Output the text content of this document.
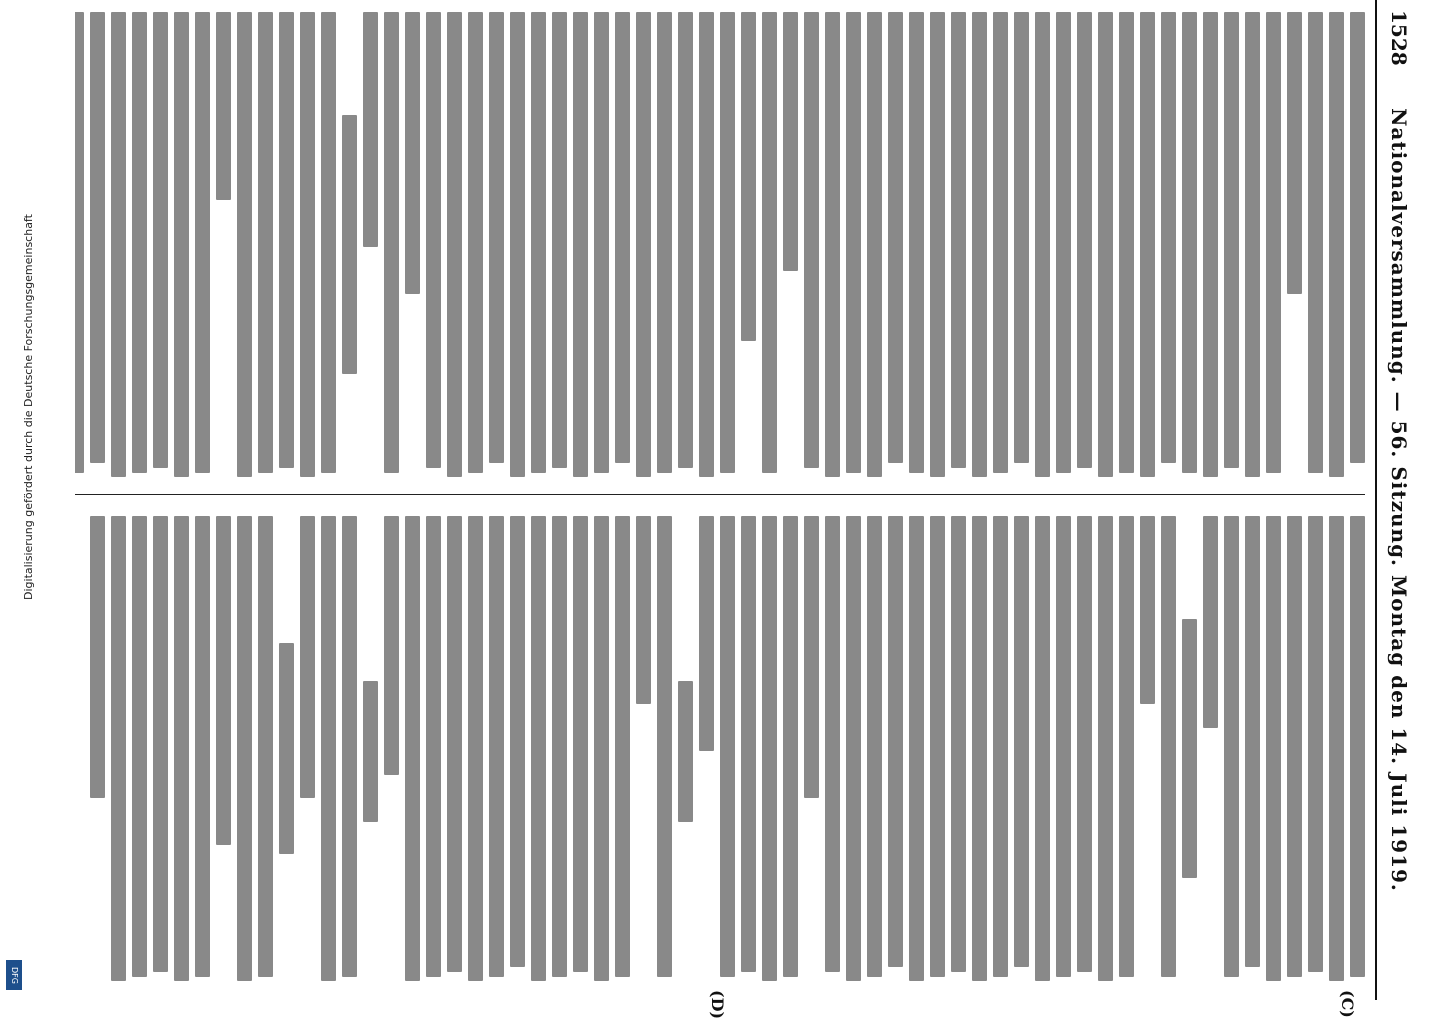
Digitalisierung gefördert durch die Deutsche Forschungsgemeinschaft
DFG
1528
Nationalversammlung. — 56. Sitzung. Montag den 14. Juli 1919.
(C)
(D)
